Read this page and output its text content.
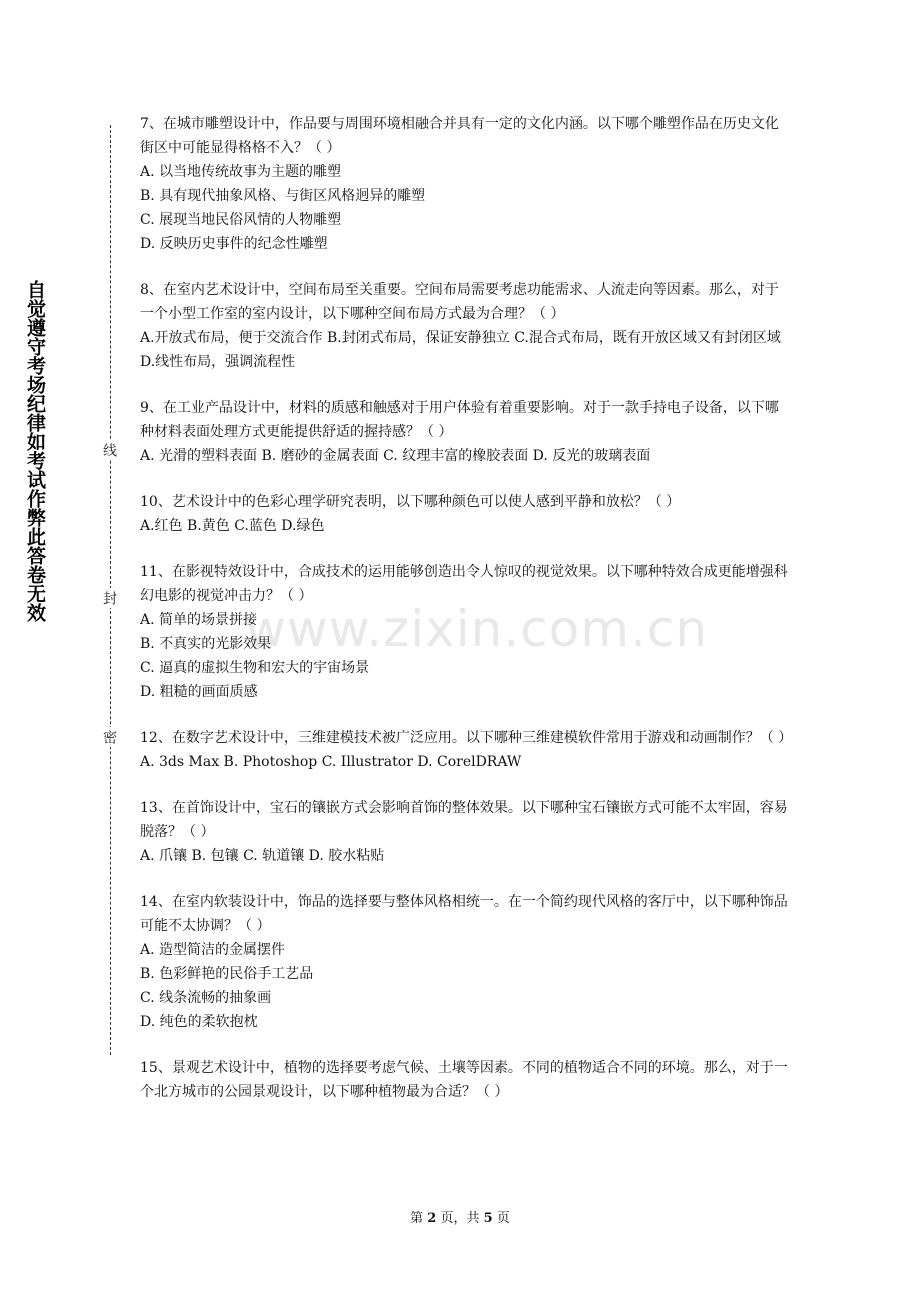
自觉遵守考场纪律如考试作弊此答卷无效	线
封
密
www.zixin.com.cn

7、在城市雕塑设计中，作品要与周围环境相融合并具有一定的文化内涵。以下哪个雕塑作品在历史文化街区中可能显得格格不入？（ ）

A. 以当地传统故事为主题的雕塑

B. 具有现代抽象风格、与街区风格迥异的雕塑

C. 展现当地民俗风情的人物雕塑

D. 反映历史事件的纪念性雕塑

8、在室内艺术设计中，空间布局至关重要。空间布局需要考虑功能需求、人流走向等因素。那么，对于一个小型工作室的室内设计，以下哪种空间布局方式最为合理？（ ）

A.开放式布局，便于交流合作 B.封闭式布局，保证安静独立 C.混合式布局，既有开放区域又有封闭区域 D.线性布局，强调流程性

9、在工业产品设计中，材料的质感和触感对于用户体验有着重要影响。对于一款手持电子设备，以下哪种材料表面处理方式更能提供舒适的握持感？（ ）

A. 光滑的塑料表面 B. 磨砂的金属表面 C. 纹理丰富的橡胶表面 D. 反光的玻璃表面

10、艺术设计中的色彩心理学研究表明，以下哪种颜色可以使人感到平静和放松？（ ）

A.红色 B.黄色 C.蓝色 D.绿色

11、在影视特效设计中，合成技术的运用能够创造出令人惊叹的视觉效果。以下哪种特效合成更能增强科幻电影的视觉冲击力？（ ）

A. 简单的场景拼接

B. 不真实的光影效果

C. 逼真的虚拟生物和宏大的宇宙场景

D. 粗糙的画面质感

12、在数字艺术设计中，三维建模技术被广泛应用。以下哪种三维建模软件常用于游戏和动画制作？（ ）

A. 3ds Max B. Photoshop C. Illustrator D. CorelDRAW

13、在首饰设计中，宝石的镶嵌方式会影响首饰的整体效果。以下哪种宝石镶嵌方式可能不太牢固，容易脱落？（ ）

A. 爪镶 B. 包镶 C. 轨道镶 D. 胶水粘贴

14、在室内软装设计中，饰品的选择要与整体风格相统一。在一个简约现代风格的客厅中，以下哪种饰品可能不太协调？（ ）

A. 造型简洁的金属摆件

B. 色彩鲜艳的民俗手工艺品

C. 线条流畅的抽象画

D. 纯色的柔软抱枕

15、景观艺术设计中，植物的选择要考虑气候、土壤等因素。不同的植物适合不同的环境。那么，对于一个北方城市的公园景观设计，以下哪种植物最为合适？（ ）

第 2 页，共 5 页
